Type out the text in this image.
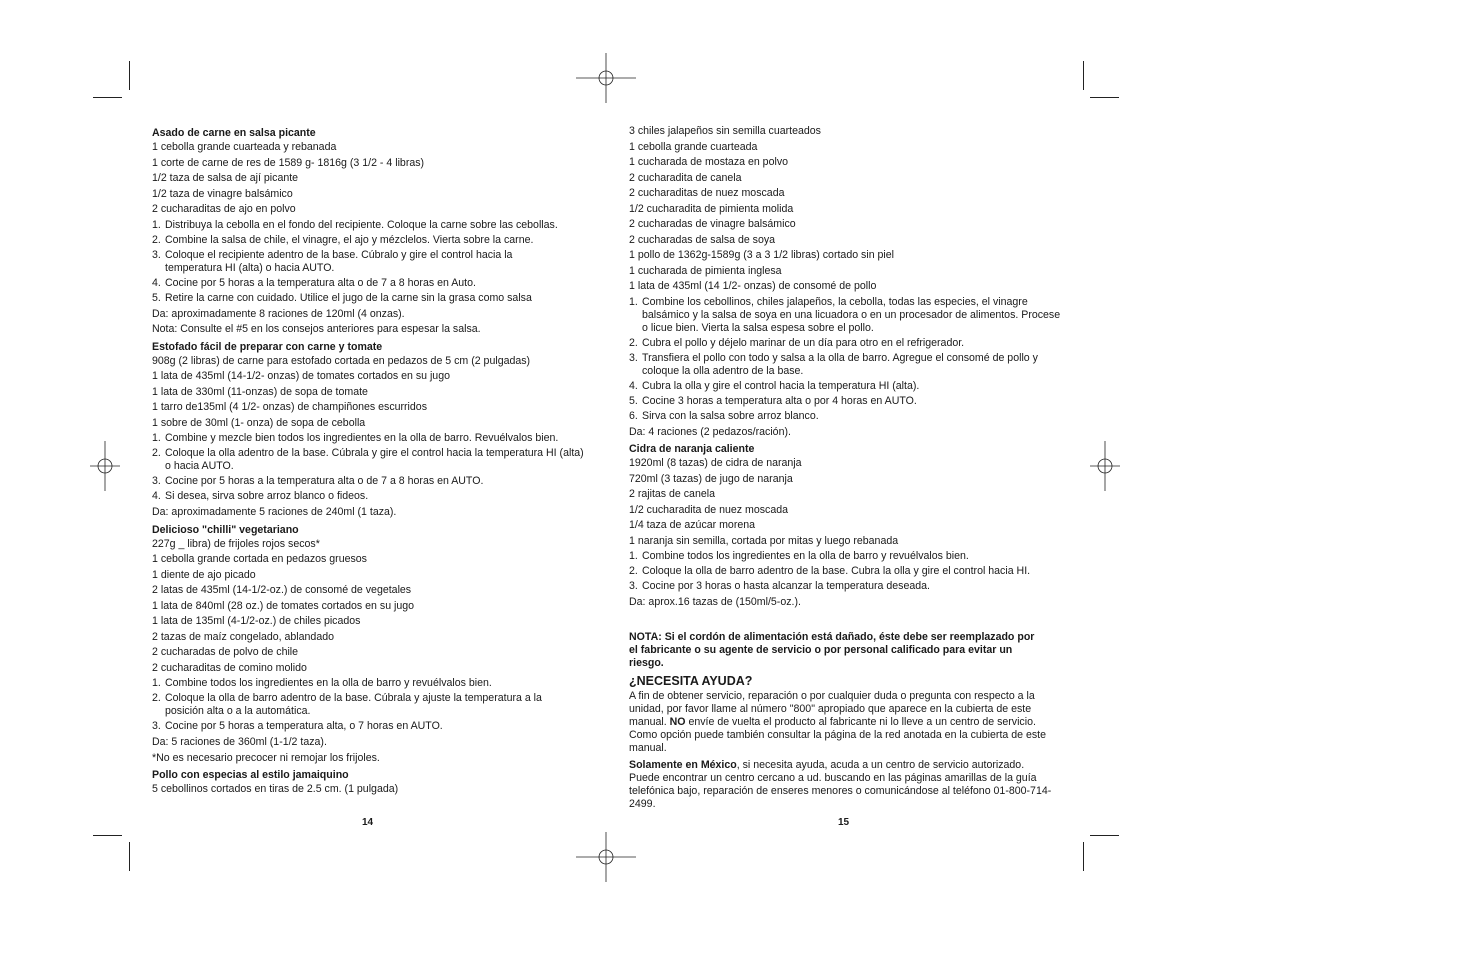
Asado de carne en salsa picante
1 cebolla grande cuarteada y rebanada
1 corte de carne de res de 1589 g- 1816g (3 1/2 - 4 libras)
1/2 taza de salsa de ají picante
1/2 taza de vinagre balsámico
2 cucharaditas de ajo en polvo
1. Distribuya la cebolla en el fondo del recipiente. Coloque la carne sobre las cebollas.
2. Combine la salsa de chile, el vinagre, el ajo y mézclelos. Vierta sobre la carne.
3. Coloque el recipiente adentro de la base. Cúbralo y gire el control hacia la temperatura HI (alta) o hacia AUTO.
4. Cocine por 5 horas a la temperatura alta o de 7 a 8 horas en Auto.
5. Retire la carne con cuidado. Utilice el jugo de la carne sin la grasa como salsa
Da: aproximadamente 8 raciones de 120ml (4 onzas).
Nota: Consulte el #5 en los consejos anteriores para espesar la salsa.
Estofado fácil de preparar con carne y tomate
908g (2 libras) de carne para estofado cortada en pedazos de 5 cm (2 pulgadas)
1 lata de 435ml (14-1/2- onzas) de tomates cortados en su jugo
1 lata de 330ml (11-onzas) de sopa de tomate
1 tarro de135ml (4 1/2- onzas) de champiñones escurridos
1 sobre de 30ml (1- onza) de sopa de cebolla
1. Combine y mezcle bien todos los ingredientes en la olla de barro. Revuélvalos bien.
2. Coloque la olla adentro de la base. Cúbrala y gire el control hacia la temperatura HI (alta) o hacia AUTO.
3. Cocine por 5 horas a la temperatura alta o de 7 a 8 horas en AUTO.
4. Si desea, sirva sobre arroz blanco o fideos.
Da: aproximadamente 5 raciones de 240ml (1 taza).
Delicioso "chilli" vegetariano
227g _ libra) de frijoles rojos secos*
1 cebolla grande cortada en pedazos gruesos
1 diente de ajo picado
2 latas de 435ml (14-1/2-oz.) de consomé de vegetales
1 lata de 840ml (28 oz.) de tomates cortados en su jugo
1 lata de 135ml (4-1/2-oz.) de chiles picados
2 tazas de maíz congelado, ablandado
2 cucharadas de polvo de chile
2 cucharaditas de comino molido
1. Combine todos los ingredientes en la olla de barro y revuélvalos bien.
2. Coloque la olla de barro adentro de la base. Cúbrala y ajuste la temperatura a la posición alta o a la automática.
3. Cocine por 5 horas a temperatura alta, o 7 horas en AUTO.
Da: 5 raciones de 360ml (1-1/2 taza).
*No es necesario precocer ni remojar los frijoles.
Pollo con especias al estilo jamaiquino
5 cebollinos cortados en tiras de 2.5 cm. (1 pulgada)
14
3 chiles jalapeños sin semilla cuarteados
1 cebolla grande cuarteada
1 cucharada de mostaza en polvo
2 cucharadita de canela
2 cucharaditas de nuez moscada
1/2 cucharadita de pimienta molida
2 cucharadas de vinagre balsámico
2 cucharadas de salsa de soya
1 pollo de 1362g-1589g (3 a 3 1/2 libras) cortado sin piel
1 cucharada de pimienta inglesa
1 lata de 435ml (14 1/2- onzas) de consomé de pollo
1. Combine los cebollinos, chiles jalapeños, la cebolla, todas las especies, el vinagre balsámico y la salsa de soya en una licuadora o en un procesador de alimentos. Procese o licue bien. Vierta la salsa espesa sobre el pollo.
2. Cubra el pollo y déjelo marinar de un día para otro en el refrigerador.
3. Transfiera el pollo con todo y salsa a la olla de barro. Agregue el consomé de pollo y coloque la olla adentro de la base.
4. Cubra la olla y gire el control hacia la temperatura HI (alta).
5. Cocine 3 horas a temperatura alta o por 4 horas en AUTO.
6. Sirva con la salsa sobre arroz blanco.
Da: 4 raciones (2 pedazos/ración).
Cidra de naranja caliente
1920ml (8 tazas) de cidra de naranja
720ml (3 tazas) de jugo de naranja
2 rajitas de canela
1/2 cucharadita de nuez moscada
1/4 taza de azúcar morena
1 naranja sin semilla, cortada por mitas y luego rebanada
1. Combine todos los ingredientes en la olla de barro y revuélvalos bien.
2. Coloque la olla de barro adentro de la base. Cubra la olla y gire el control hacia HI.
3. Cocine por 3 horas o hasta alcanzar la temperatura deseada.
Da: aprox.16 tazas de (150ml/5-oz.).
NOTA: Si el cordón de alimentación está dañado, éste debe ser reemplazado por el fabricante o su agente de servicio o por personal calificado para evitar un riesgo.
¿NECESITA AYUDA?
A fin de obtener servicio, reparación o por cualquier duda o pregunta con respecto a la unidad, por favor llame al número "800" apropiado que aparece en la cubierta de este manual. NO envíe de vuelta el producto al fabricante ni lo lleve a un centro de servicio. Como opción puede también consultar la página de la red anotada en la cubierta de este manual.
Solamente en México, si necesita ayuda, acuda a un centro de servicio autorizado. Puede encontrar un centro cercano a ud. buscando en las páginas amarillas de la guía telefónica bajo, reparación de enseres menores o comunicándose al teléfono 01-800-714-2499.
15
